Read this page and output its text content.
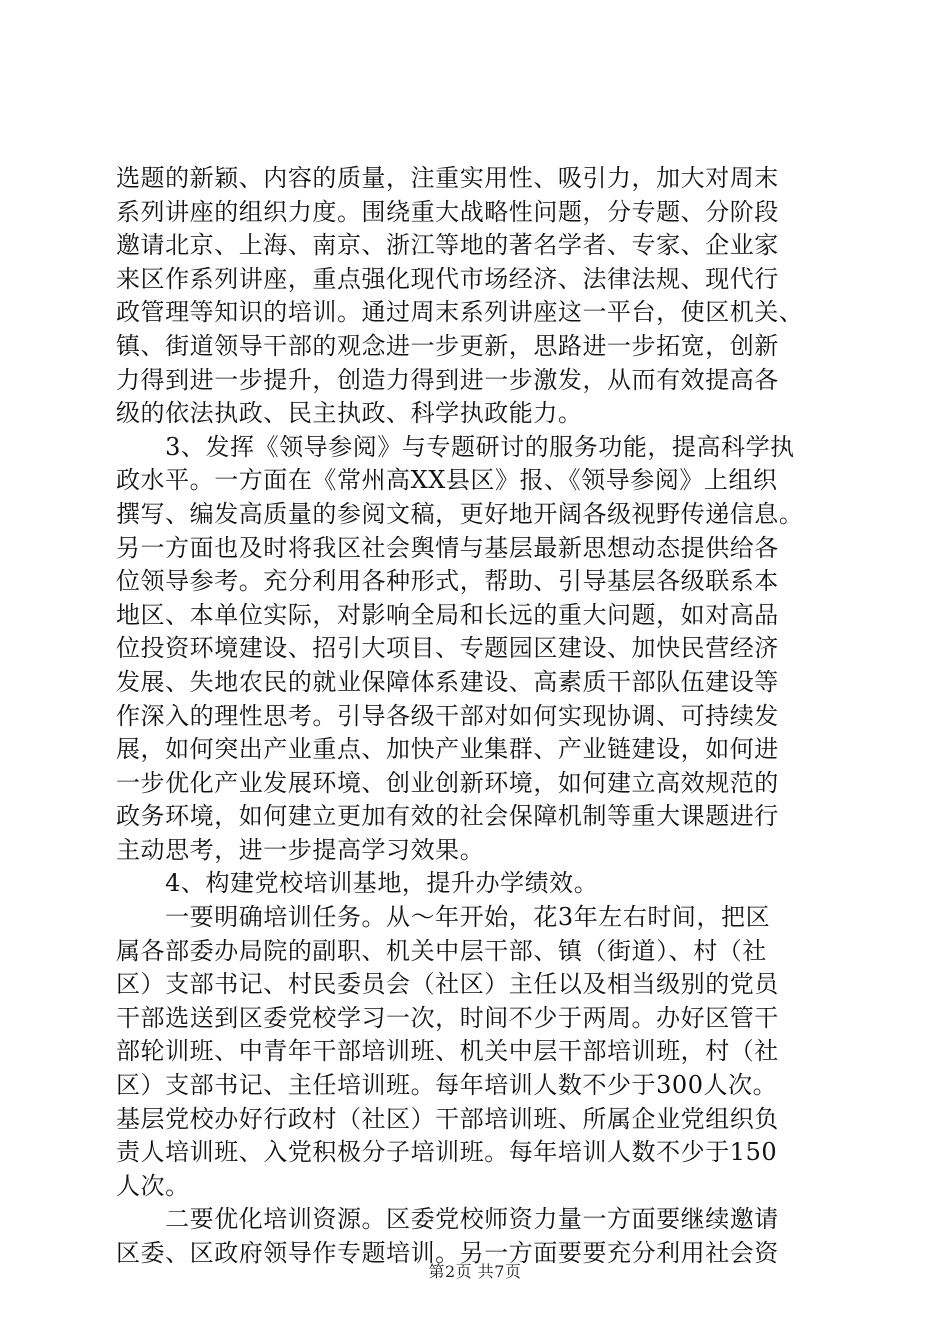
选题的新颖、内容的质量，注重实用性、吸引力，加大对周末
系列讲座的组织力度。围绕重大战略性问题，分专题、分阶段
邀请北京、上海、南京、浙江等地的著名学者、专家、企业家
来区作系列讲座，重点强化现代市场经济、法律法规、现代行
政管理等知识的培训。通过周末系列讲座这一平台，使区机关、
镇、街道领导干部的观念进一步更新，思路进一步拓宽，创新
力得到进一步提升，创造力得到进一步激发，从而有效提高各
级的依法执政、民主执政、科学执政能力。
　　3、发挥《领导参阅》与专题研讨的服务功能，提高科学执
政水平。一方面在《常州高XX县区》报、《领导参阅》上组织
撰写、编发高质量的参阅文稿，更好地开阔各级视野传递信息。
另一方面也及时将我区社会舆情与基层最新思想动态提供给各
位领导参考。充分利用各种形式，帮助、引导基层各级联系本
地区、本单位实际，对影响全局和长远的重大问题，如对高品
位投资环境建设、招引大项目、专题园区建设、加快民营经济
发展、失地农民的就业保障体系建设、高素质干部队伍建设等
作深入的理性思考。引导各级干部对如何实现协调、可持续发
展，如何突出产业重点、加快产业集群、产业链建设，如何进
一步优化产业发展环境、创业创新环境，如何建立高效规范的
政务环境，如何建立更加有效的社会保障机制等重大课题进行
主动思考，进一步提高学习效果。
　　4、构建党校培训基地，提升办学绩效。
　　一要明确培训任务。从～年开始，花3年左右时间，把区
属各部委办局院的副职、机关中层干部、镇（街道）、村（社
区）支部书记、村民委员会（社区）主任以及相当级别的党员
干部选送到区委党校学习一次，时间不少于两周。办好区管干
部轮训班、中青年干部培训班、机关中层干部培训班，村（社
区）支部书记、主任培训班。每年培训人数不少于300人次。
基层党校办好行政村（社区）干部培训班、所属企业党组织负
责人培训班、入党积极分子培训班。每年培训人数不少于150
人次。
　　二要优化培训资源。区委党校师资力量一方面要继续邀请
区委、区政府领导作专题培训。另一方面要要充分利用社会资
第2页 共7页
